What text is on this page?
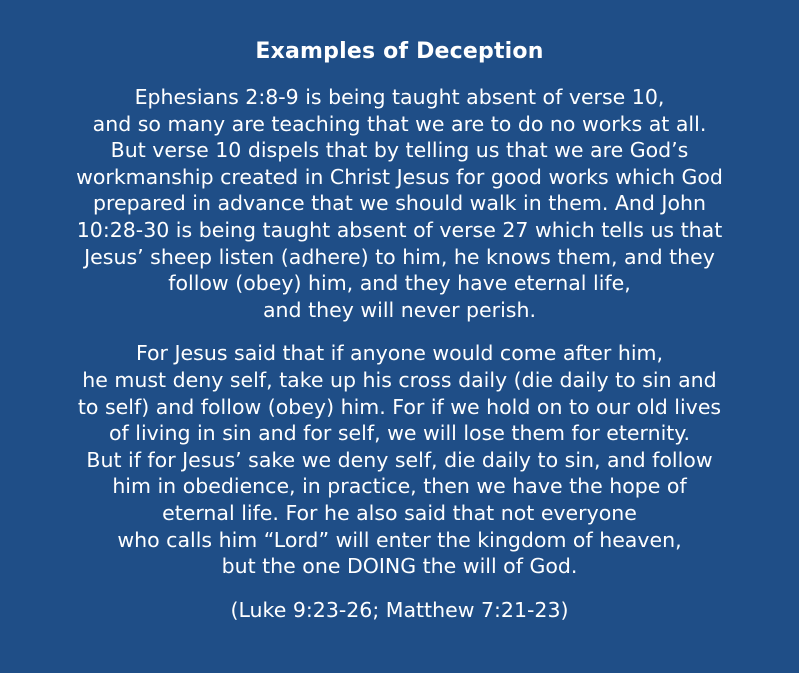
Examples of Deception
Ephesians 2:8-9 is being taught absent of verse 10,
and so many are teaching that we are to do no works at all.
But verse 10 dispels that by telling us that we are God’s
workmanship created in Christ Jesus for good works which God
prepared in advance that we should walk in them. And John
10:28-30 is being taught absent of verse 27 which tells us that
Jesus’ sheep listen (adhere) to him, he knows them, and they
follow (obey) him, and they have eternal life,
and they will never perish.
For Jesus said that if anyone would come after him,
he must deny self, take up his cross daily (die daily to sin and
to self) and follow (obey) him. For if we hold on to our old lives
of living in sin and for self, we will lose them for eternity.
But if for Jesus’ sake we deny self, die daily to sin, and follow
him in obedience, in practice, then we have the hope of
eternal life. For he also said that not everyone
who calls him “Lord” will enter the kingdom of heaven,
but the one DOING the will of God.
(Luke 9:23-26; Matthew 7:21-23)
